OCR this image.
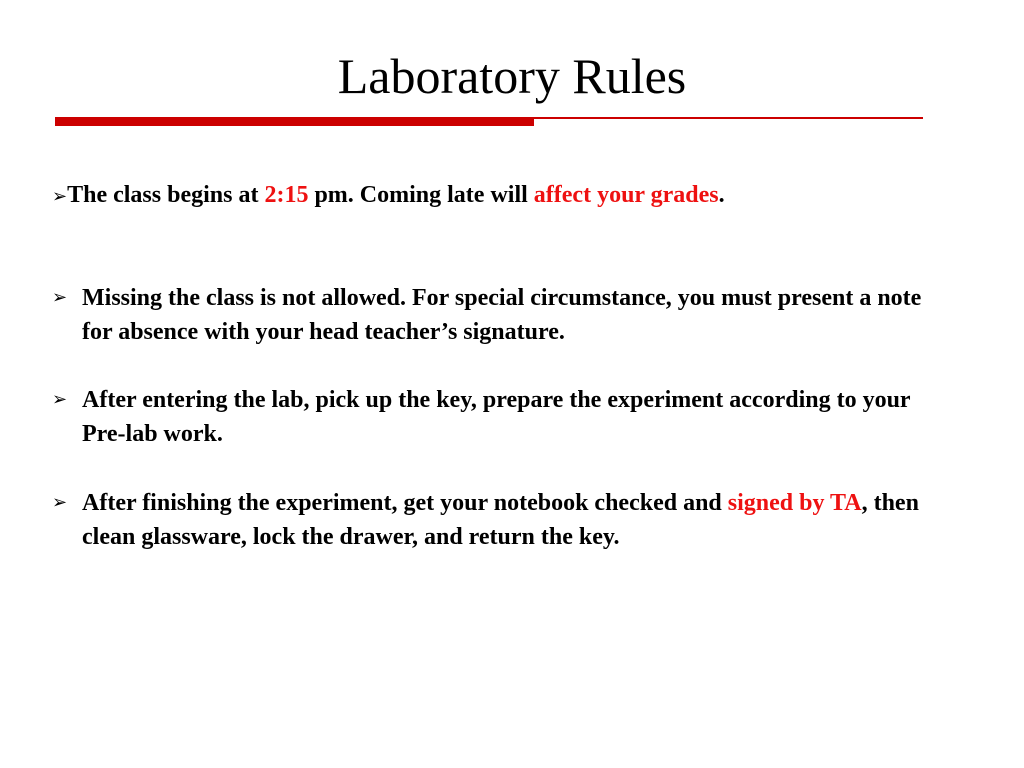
Laboratory Rules
➢The class begins at 2:15 pm. Coming late will affect your grades.
➢ Missing the class is not allowed. For special circumstance, you must present a note for absence with your head teacher’s signature.
➢ After entering the lab, pick up the key, prepare the experiment according to your Pre-lab work.
➢ After finishing the experiment, get your notebook checked and signed by TA, then clean glassware, lock the drawer, and return the key.
